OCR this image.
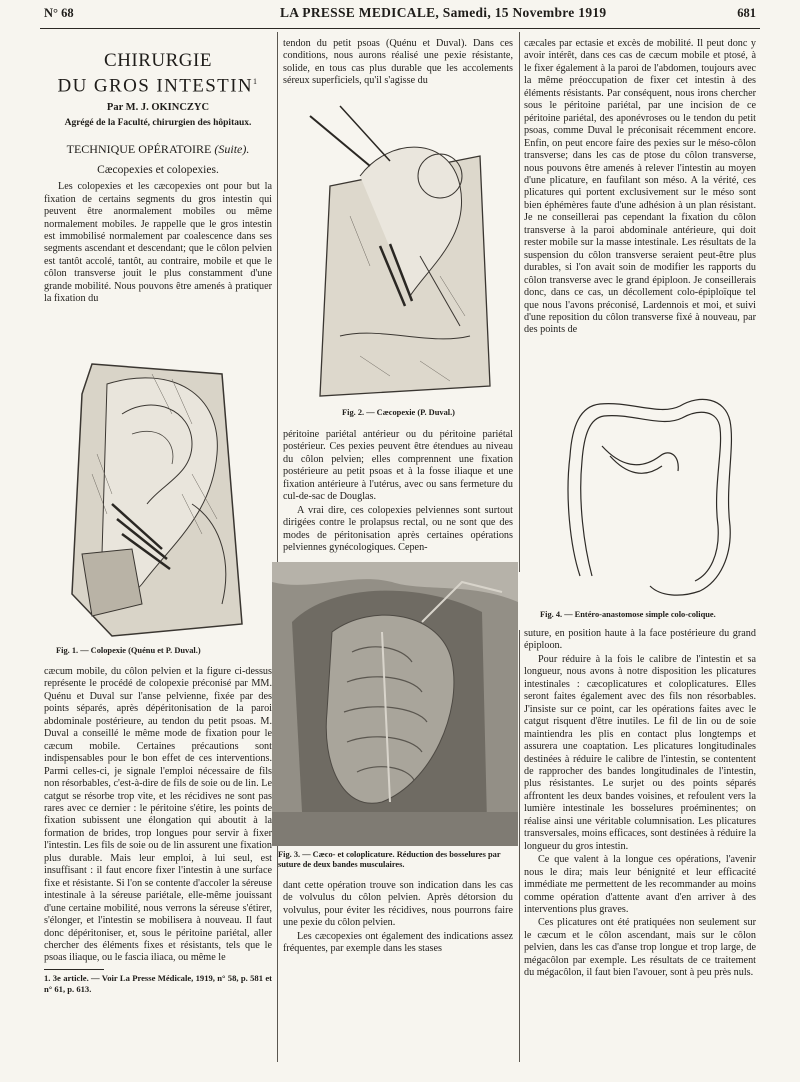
N° 68	LA PRESSE MEDICALE, Samedi, 15 Novembre 1919	681
CHIRURGIE
DU GROS INTESTIN$^1$
Par M. J. OKINCZYC
Agrégé de la Faculté, chirurgien des hôpitaux.
TECHNIQUE OPÉRATOIRE (Suite).
Cæcopexies et colopexies.

Les colopexies et les cæcopexies ont pour but la fixation de certains segments du gros intestin qui peuvent être anormalement mobiles ou même normalement mobiles. Je rappelle que le gros intestin est immobilisé normalement par coalescence dans ses segments ascendant et descendant; que le côlon pelvien est tantôt accolé, tantôt, au contraire, mobile et que le côlon transverse jouit le plus constamment d'une grande mobilité. Nous pouvons être amenés à pratiquer la fixation du

Fig. 1. — Colopexie (Quénu et P. Duval.)

cæcum mobile, du côlon pelvien et la figure ci-dessus représente le procédé de colopexie préconisé par MM. Quénu et Duval sur l'anse pelvienne, fixée par des points séparés, après dépéritonisation de la paroi abdominale postérieure, au tendon du petit psoas. M. Duval a conseillé le même mode de fixation pour le cæcum mobile. Certaines précautions sont indispensables pour le bon effet de ces interventions. Parmi celles-ci, je signale l'emploi nécessaire de fils non résorbables, c'est-à-dire de fils de soie ou de lin. Le catgut se résorbe trop vite, et les récidives ne sont pas rares avec ce dernier : le péritoine s'étire, les points de fixation subissent une élongation qui aboutit à la formation de brides, trop longues pour servir à fixer l'intestin. Les fils de soie ou de lin assurent une fixation plus durable. Mais leur emploi, à lui seul, est insuffisant : il faut encore fixer l'intestin à une surface fixe et résistante. Si l'on se contente d'accoler la séreuse intestinale à la séreuse pariétale, elle-même jouissant d'une certaine mobilité, nous verrons la séreuse s'étirer, s'élonger, et l'intestin se mobilisera à nouveau. Il faut donc dépéritoniser, et, sous le péritoine pariétal, aller chercher des éléments fixes et résistants, tels que le psoas iliaque, ou le fascia iliaca, ou même le

1. 3e article. — Voir La Presse Médicale, 1919, n° 58, p. 581 et n° 61, p. 613.

tendon du petit psoas (Quénu et Duval). Dans ces conditions, nous aurons réalisé une pexie résistante, solide, en tous cas plus durable que les accolements séreux superficiels, qu'il s'agisse du

Fig. 2. — Cæcopexie (P. Duval.)

péritoine pariétal antérieur ou du péritoine pariétal postérieur. Ces pexies peuvent être étendues au niveau du côlon pelvien; elles comprennent une fixation postérieure au petit psoas et à la fosse iliaque et une fixation antérieure à l'utérus, avec ou sans fermeture du cul-de-sac de Douglas.

A vrai dire, ces colopexies pelviennes sont surtout dirigées contre le prolapsus rectal, ou ne sont que des modes de péritonisation après certaines opérations pelviennes gynécologiques. Cepen-

Fig. 3. — Cæco- et coloplicature. Réduction des bosselures par suture de deux bandes musculaires.

dant cette opération trouve son indication dans les cas de volvulus du côlon pelvien. Après détorsion du volvulus, pour éviter les récidives, nous pourrons faire une pexie du côlon pelvien.

Les cæcopexies ont également des indications assez fréquentes, par exemple dans les stases

cæcales par ectasie et excès de mobilité. Il peut donc y avoir intérêt, dans ces cas de cæcum mobile et ptosé, à le fixer également à la paroi de l'abdomen, toujours avec la même préoccupation de fixer cet intestin à des éléments résistants. Par conséquent, nous irons chercher sous le péritoine pariétal, par une incision de ce péritoine pariétal, des aponévroses ou le tendon du petit psoas, comme Duval le préconisait récemment encore. Enfin, on peut encore faire des pexies sur le méso-côlon transverse; dans les cas de ptose du côlon transverse, nous pouvons être amenés à relever l'intestin au moyen d'une plicature, en faufilant son méso. A la vérité, ces plicatures qui portent exclusivement sur le méso sont bien éphémères faute d'une adhésion à un plan résistant. Je ne conseillerai pas cependant la fixation du côlon transverse à la paroi abdominale antérieure, qui doit rester mobile sur la masse intestinale. Les résultats de la suspension du côlon transverse seraient peut-être plus durables, si l'on avait soin de modifier les rapports du côlon transverse avec le grand épiploon. Je conseillerais donc, dans ce cas, un décollement colo-épiploïque tel que nous l'avons préconisé, Lardennois et moi, et suivi d'une reposition du côlon transverse fixé à nouveau, par des points de

Fig. 4. — Entéro-anastomose simple colo-colique.

suture, en position haute à la face postérieure du grand épiploon.

Pour réduire à la fois le calibre de l'intestin et sa longueur, nous avons à notre disposition les plicatures intestinales : cæcoplicatures et coloplicatures. Elles seront faites également avec des fils non résorbables. J'insiste sur ce point, car les opérations faites avec le catgut risquent d'être inutiles. Le fil de lin ou de soie maintiendra les plis en contact plus longtemps et assurera une coaptation. Les plicatures longitudinales destinées à réduire le calibre de l'intestin, se contentent de rapprocher des bandes longitudinales de l'intestin, plus résistantes. Le surjet ou des points séparés affrontent les deux bandes voisines, et refoulent vers la lumière intestinale les bosselures proéminentes; on réalise ainsi une véritable columnisation. Les plicatures transversales, moins efficaces, sont destinées à réduire la longueur du gros intestin.

Ce que valent à la longue ces opérations, l'avenir nous le dira; mais leur bénignité et leur efficacité immédiate me permettent de les recommander au moins comme opération d'attente avant d'en arriver à des interventions plus graves.

Ces plicatures ont été pratiquées non seulement sur le cæcum et le côlon ascendant, mais sur le côlon pelvien, dans les cas d'anse trop longue et trop large, de mégacôlon par exemple. Les résultats de ce traitement du mégacôlon, il faut bien l'avouer, sont à peu près nuls.
